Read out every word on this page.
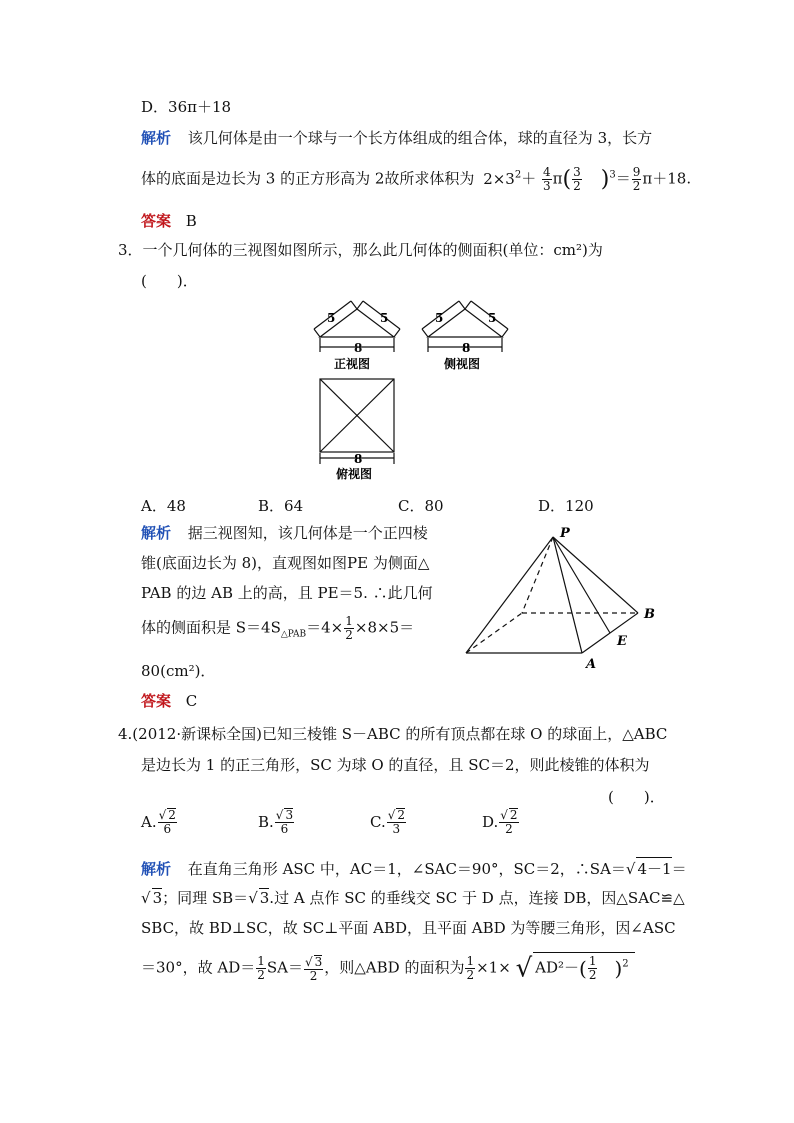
D．36π＋18
解析 该几何体是由一个球与一个长方体组成的组合体，球的直径为 3，长方
体的底面是边长为 3 的正方形高为 2故所求体积为 $2\times 3^2+ \frac{4}{3} \pi( \frac{3}{2} )^3= \frac{9}{2} \pi+18$.
答案 B
3．一个几何体的三视图如图所示，那么此几何体的侧面积(单位：cm²)为
(　　)．
5	5
8
5	5
8
8
正视图	侧视图
俯视图
A．48	B．64	C．80	D．120
解析 据三视图知，该几何体是一个正四棱
锥(底面边长为 8)，直观图如图PE 为侧面△
PAB 的边 AB 上的高，且 PE＝5. ∴此几何
体的侧面积是 $S=4S_{\triangle PAB}=4\times \frac{1}{2} \times 8\times 5=$
80(cm²)．
答案 C
P
B
E
A
4.(2012·新课标全国)已知三棱锥 S－ABC 的所有顶点都在球 O 的球面上，△ABC
是边长为 1 的正三角形，SC 为球 O 的直径，且 SC＝2，则此棱锥的体积为
(　　)．
A. $\frac{√ 2}{6}$	B. $\frac{√ 3}{6}$	C. $\frac{√ 2}{3}$	D. $\frac{√ 2}{2}$
解析 在直角三角形 ASC 中，AC＝1，∠SAC＝90°，SC＝2，∴SA＝√ 4－1＝
√ 3；同理 SB＝√ 3.过 A 点作 SC 的垂线交 SC 于 D 点，连接 DB，因△SAC≌△
SBC，故 BD⊥SC，故 SC⊥平面 ABD，且平面 ABD 为等腰三角形，因∠ASC
＝30°，故 $AD= \frac{1}{2} SA= \frac{√ 3}{2}$ ，则△ABD 的面积为 $\frac{1}{2} \times 1\times$ √ $AD^2-( \frac{1}{2} )^2$
